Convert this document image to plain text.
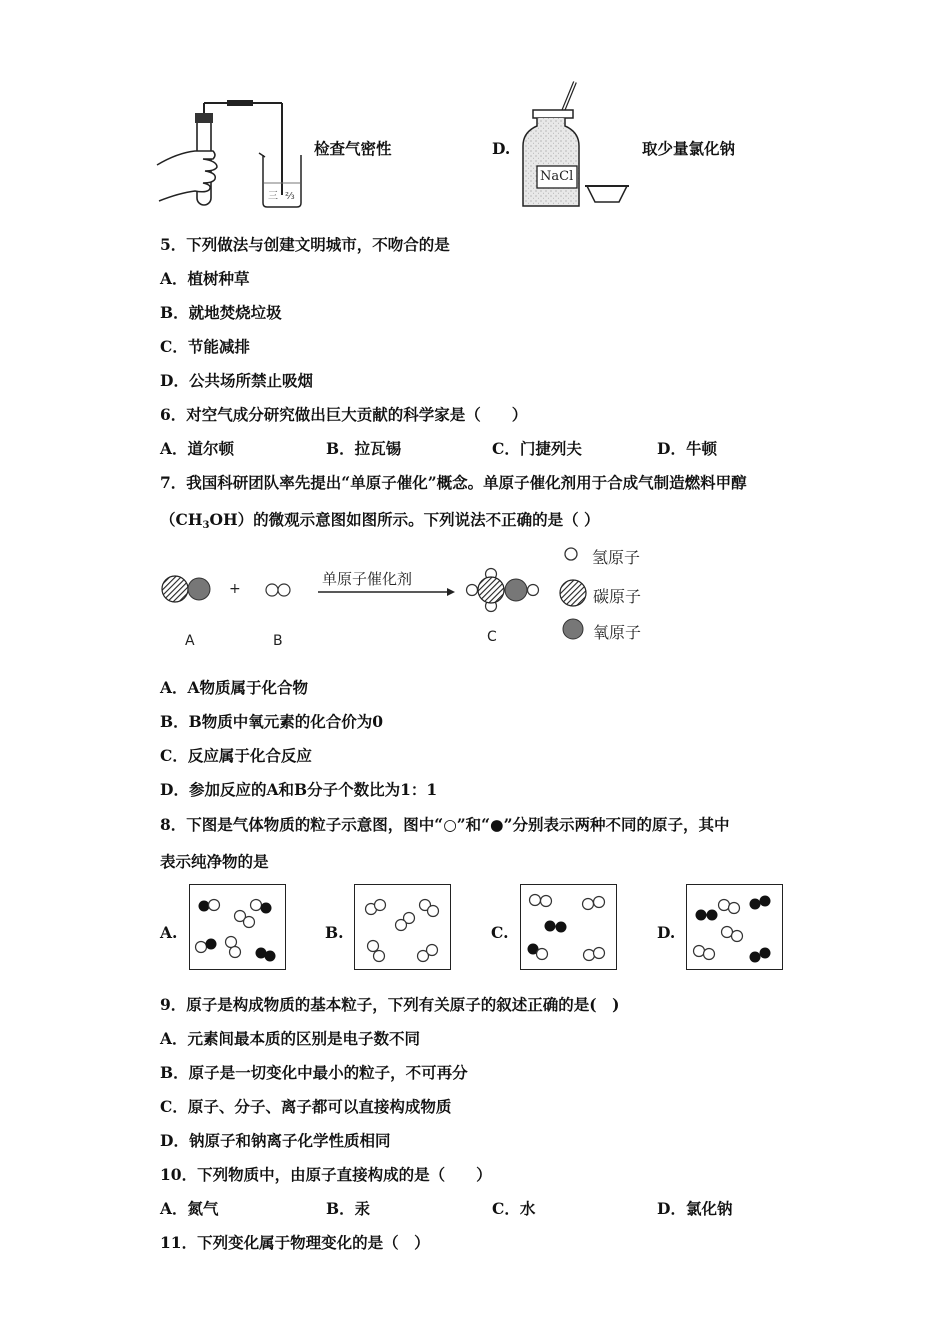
三 ⅔
检查气密性	D.
NaCl
取少量氯化钠
5．下列做法与创建文明城市，不吻合的是
A．植树种草
B．就地焚烧垃圾
C．节能减排
D．公共场所禁止吸烟
6．对空气成分研究做出巨大贡献的科学家是（　　）
A．道尔顿	B．拉瓦锡	C．门捷列夫	D．牛顿
7．我国科研团队率先提出“单原子催化”概念。单原子催化剂用于合成气制造燃料甲醇
$(CH_3OH)$的微观示意图如图所示。下列说法不正确的是（ ）
+
单原子催化剂
A	B	C
氢原子
碳原子
氧原子
A．A物质属于化合物
B．B物质中氧元素的化合价为0
C．反应属于化合反应
D．参加反应的A和B分子个数比为1：1
8．下图是气体物质的粒子示意图，图中“○”和“●”分别表示两种不同的原子，其中
表示纯净物的是
A.	B.	C.	D.
9．原子是构成物质的基本粒子，下列有关原子的叙述正确的是(　)
A．元素间最本质的区别是电子数不同
B．原子是一切变化中最小的粒子，不可再分
C．原子、分子、离子都可以直接构成物质
D．钠原子和钠离子化学性质相同
10．下列物质中，由原子直接构成的是（　　）
A．氮气	B．汞	C．水	D．氯化钠
11．下列变化属于物理变化的是（　）
